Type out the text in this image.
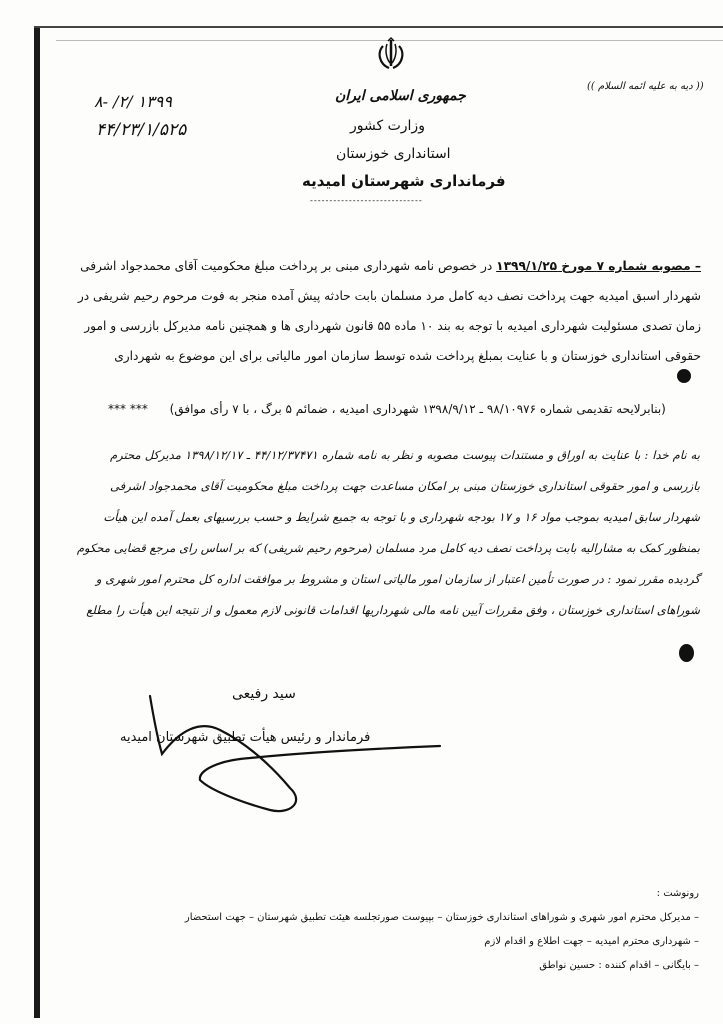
جمهوری اسلامی ایران
وزارت کشور
استانداری خوزستان
فرمانداری شهرستان امیدیه
-----------------------------
۸- /۲/ ۱۳۹۹
۴۴/۲۳/۱/۵۲۵
(( دیه به علیه ائمه السلام ))

– مصوبه شماره ۷ مورخ ۱۳۹۹/۱/۲۵ در خصوص نامه شهرداری مبنی بر پرداخت مبلغ محکومیت آقای محمدجواد اشرفی

شهردار اسبق امیدیه جهت پرداخت نصف دیه کامل مرد مسلمان بابت حادثه پیش آمده منجر به فوت مرحوم رحیم شریفی در

زمان تصدی مسئولیت شهرداری امیدیه با توجه به بند ۱۰ ماده ۵۵ قانون شهرداری ها و همچنین نامه مدیرکل بازرسی و امور

حقوقی استانداری خوزستان و با عنایت بمبلغ پرداخت شده توسط سازمان امور مالیاتی برای این موضوع به شهرداری

(بنابرلایحه تقدیمی شماره ۹۸/۱۰۹۷۶ ـ ۱۳۹۸/۹/۱۲ شهرداری امیدیه ، ضمائم ۵ برگ ، با ۷ رأی موافق) *** ***

به نام خدا : با عنایت به اوراق و مستندات پیوست مصوبه و نظر به نامه شماره ۴۴/۱۲/۳۷۴۷۱ ـ ۱۳۹۸/۱۲/۱۷ مدیرکل محترم

بازرسی و امور حقوقی استانداری خوزستان مبنی بر امکان مساعدت جهت پرداخت مبلغ محکومیت آقای محمدجواد اشرفی

شهردار سابق امیدیه بموجب مواد ۱۶ و ۱۷ بودجه شهرداری و با توجه به جمیع شرایط و حسب بررسیهای بعمل آمده این هیأت

بمنظور کمک به مشارالیه بابت پرداخت نصف دیه کامل مرد مسلمان (مرحوم رحیم شریفی) که بر اساس رای مرجع قضایی محکوم

گردیده مقرر نمود : در صورت تأمین اعتبار از سازمان امور مالیاتی استان و مشروط بر موافقت اداره کل محترم امور شهری و

شوراهای استانداری خوزستان ، وفق مقررات آیین نامه مالی شهرداریها اقدامات قانونی لازم معمول و از نتیجه این هیأت را مطلع

سید رفیعی
فرماندار و رئیس هیأت تطبیق شهرستان امیدیه
رونوشت :
– مدیرکل محترم امور شهری و شوراهای استانداری خوزستان – بپیوست صورتجلسه هیئت تطبیق شهرستان – جهت استحضار
– شهرداری محترم امیدیه – جهت اطلاع و اقدام لازم
– بایگانی – اقدام کننده : حسین نواطق
